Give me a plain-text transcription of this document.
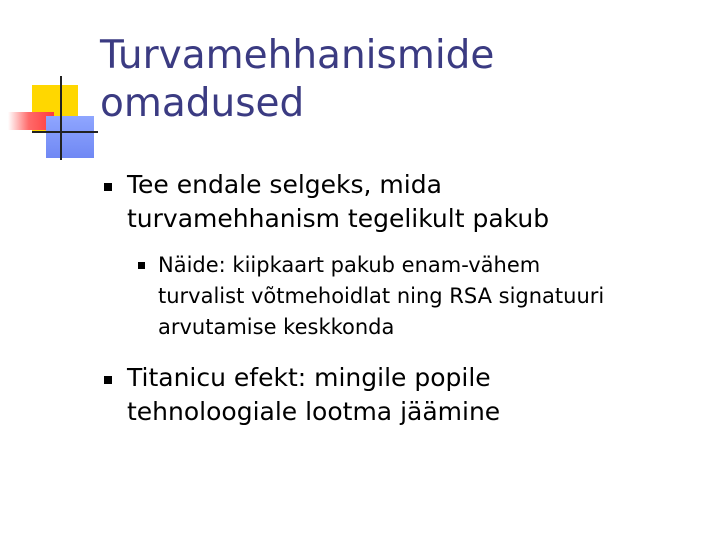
Turvamehhanismide
omadused
Tee endale selgeks, mida
turvamehhanism tegelikult pakub
Näide: kiipkaart pakub enam-vähem
turvalist võtmehoidlat ning RSA signatuuri
arvutamise keskkonda
Titanicu efekt: mingile popile
tehnoloogiale lootma jäämine
